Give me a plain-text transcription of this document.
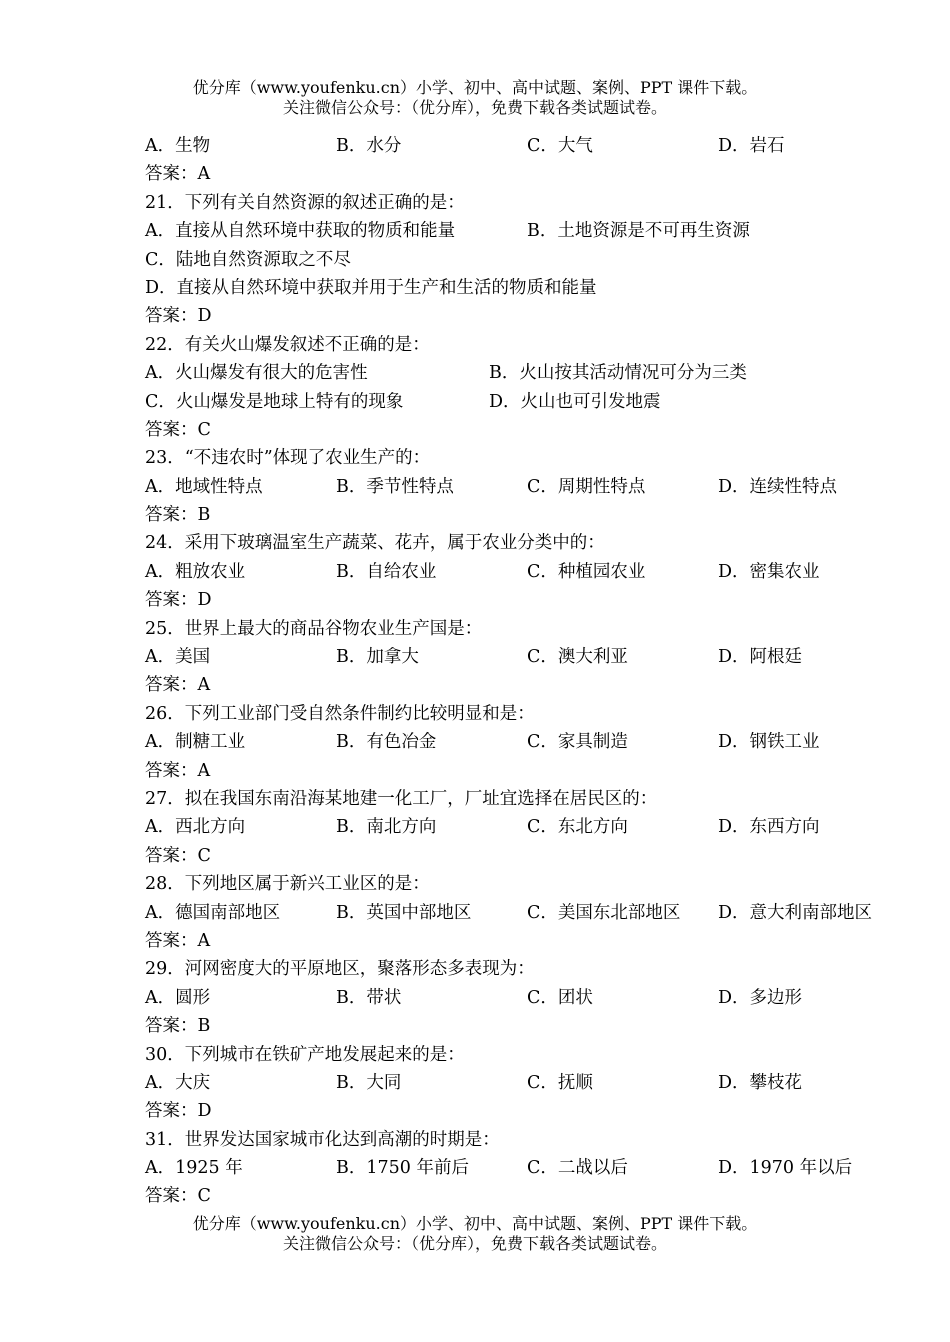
优分库（www.youfenku.cn）小学、初中、高中试题、案例、PPT 课件下载。
关注微信公众号：（优分库），免费下载各类试题试卷。
A．生物	B．水分	C．大气	D．岩石
答案：A
21．下列有关自然资源的叙述正确的是：
A．直接从自然环境中获取的物质和能量	B．土地资源是不可再生资源
C．陆地自然资源取之不尽
D．直接从自然环境中获取并用于生产和生活的物质和能量
答案：D
22．有关火山爆发叙述不正确的是：
A．火山爆发有很大的危害性	B．火山按其活动情况可分为三类
C．火山爆发是地球上特有的现象	D．火山也可引发地震
答案：C
23．“不违农时”体现了农业生产的：
A．地域性特点	B．季节性特点	C．周期性特点	D．连续性特点
答案：B
24．采用下玻璃温室生产蔬菜、花卉，属于农业分类中的：
A．粗放农业	B．自给农业	C．种植园农业	D．密集农业
答案：D
25．世界上最大的商品谷物农业生产国是：
A．美国	B．加拿大	C．澳大利亚	D．阿根廷
答案：A
26．下列工业部门受自然条件制约比较明显和是：
A．制糖工业	B．有色冶金	C．家具制造	D．钢铁工业
答案：A
27．拟在我国东南沿海某地建一化工厂，厂址宜选择在居民区的：
A．西北方向	B．南北方向	C．东北方向	D．东西方向
答案：C
28．下列地区属于新兴工业区的是：
A．德国南部地区	B．英国中部地区	C．美国东北部地区 D．意大利南部地区
答案：A
29．河网密度大的平原地区，聚落形态多表现为：
A．圆形	B．带状	C．团状	D．多边形
答案：B
30．下列城市在铁矿产地发展起来的是：
A．大庆	B．大同	C．抚顺	D．攀枝花
答案：D
31．世界发达国家城市化达到高潮的时期是：
A．1925 年	B．1750 年前后	C．二战以后	D．1970 年以后
答案：C
优分库（www.youfenku.cn）小学、初中、高中试题、案例、PPT 课件下载。
关注微信公众号：（优分库），免费下载各类试题试卷。
